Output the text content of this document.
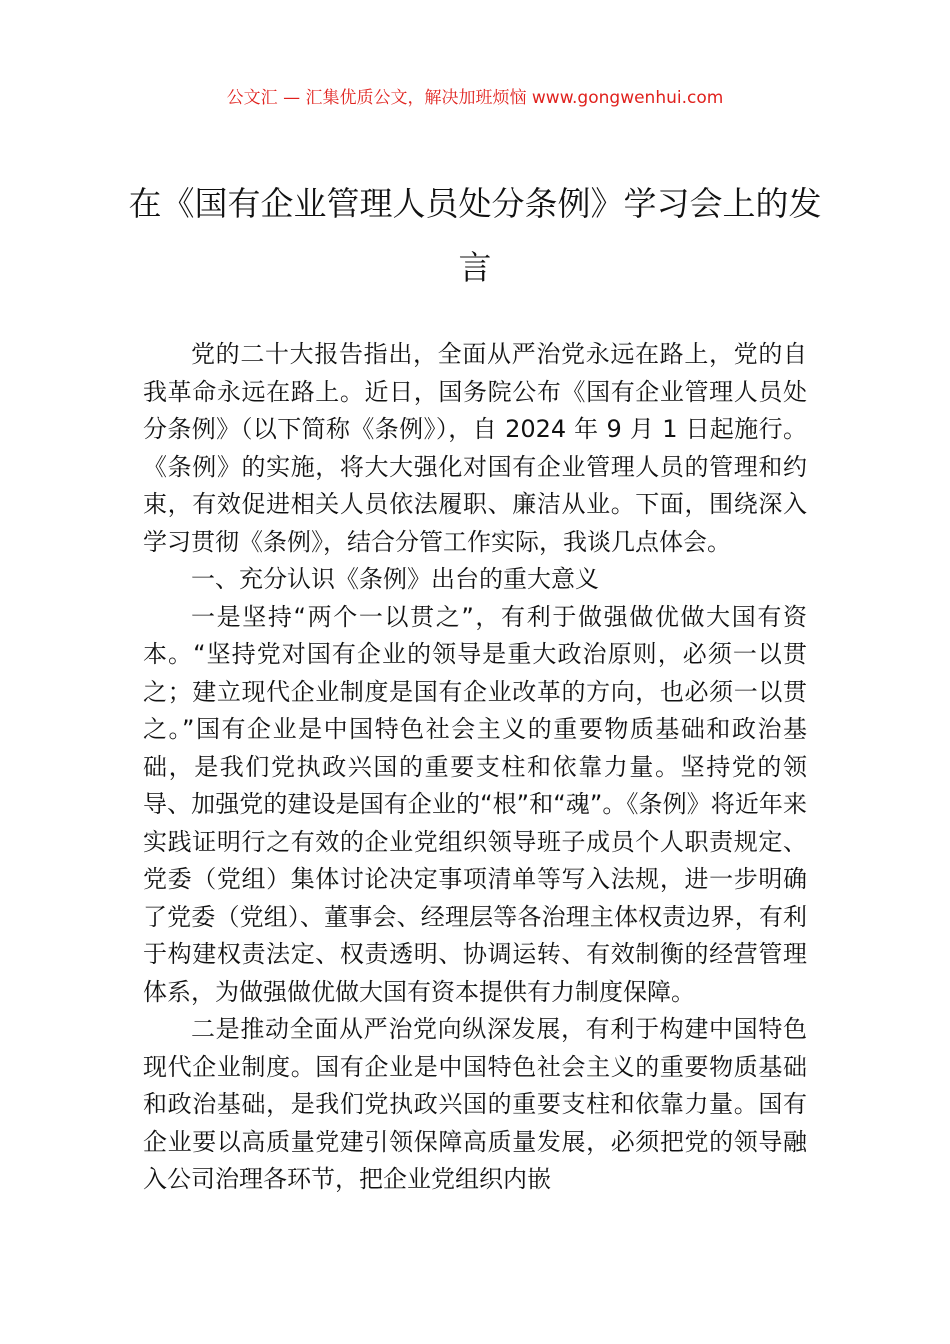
公文汇 — 汇集优质公文，解决加班烦恼 www.gongwenhui.com
在《国有企业管理人员处分条例》学习会上的发言

党的二十大报告指出，全面从严治党永远在路上，党的自我革命永远在路上。近日，国务院公布《国有企业管理人员处分条例》（以下简称《条例》），自 2024 年 9 月 1 日起施行。《条例》的实施，将大大强化对国有企业管理人员的管理和约束，有效促进相关人员依法履职、廉洁从业。下面，围绕深入学习贯彻《条例》，结合分管工作实际，我谈几点体会。

一、充分认识《条例》出台的重大意义

一是坚持“两个一以贯之”，有利于做强做优做大国有资本。“坚持党对国有企业的领导是重大政治原则，必须一以贯之；建立现代企业制度是国有企业改革的方向，也必须一以贯之。”国有企业是中国特色社会主义的重要物质基础和政治基础，是我们党执政兴国的重要支柱和依靠力量。坚持党的领导、加强党的建设是国有企业的“根”和“魂”。《条例》将近年来实践证明行之有效的企业党组织领导班子成员个人职责规定、党委（党组）集体讨论决定事项清单等写入法规，进一步明确了党委（党组）、董事会、经理层等各治理主体权责边界，有利于构建权责法定、权责透明、协调运转、有效制衡的经营管理体系，为做强做优做大国有资本提供有力制度保障。

二是推动全面从严治党向纵深发展，有利于构建中国特色现代企业制度。国有企业是中国特色社会主义的重要物质基础和政治基础，是我们党执政兴国的重要支柱和依靠力量。国有企业要以高质量党建引领保障高质量发展，必须把党的领导融入公司治理各环节，把企业党组织内嵌
